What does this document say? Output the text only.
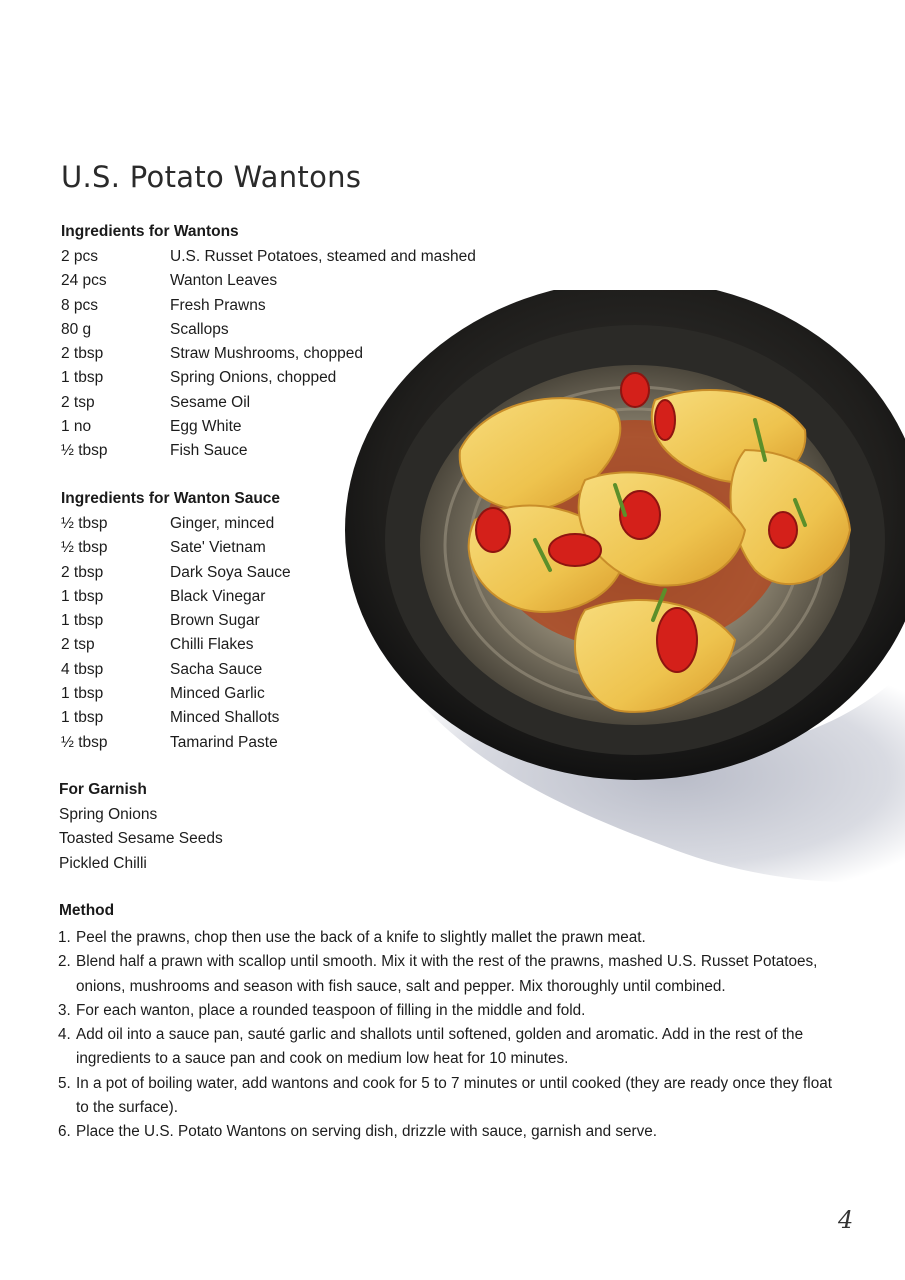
U.S. Potato Wantons
Ingredients for Wantons
2 pcs	U.S. Russet Potatoes, steamed and mashed
24 pcs	Wanton Leaves
8 pcs	Fresh Prawns
80 g	Scallops
2 tbsp	Straw Mushrooms, chopped
1 tbsp	Spring Onions, chopped
2 tsp	Sesame Oil
1 no	Egg White
½ tbsp	Fish Sauce
Ingredients for Wanton Sauce
½ tbsp	Ginger, minced
½ tbsp	Sate' Vietnam
2 tbsp	Dark Soya Sauce
1 tbsp	Black Vinegar
1 tbsp	Brown Sugar
2 tsp	Chilli Flakes
4 tbsp	Sacha Sauce
1 tbsp	Minced Garlic
1 tbsp	Minced Shallots
½ tbsp	Tamarind Paste
For Garnish
Spring Onions
Toasted Sesame Seeds
Pickled Chilli
Method
1. Peel the prawns, chop then use the back of a knife to slightly mallet the prawn meat.
2. Blend half a prawn with scallop until smooth. Mix it with the rest of the prawns, mashed U.S. Russet Potatoes, onions, mushrooms and season with fish sauce, salt and pepper. Mix thoroughly until combined.
3. For each wanton, place a rounded teaspoon of filling in the middle and fold.
4. Add oil into a sauce pan, sauté garlic and shallots until softened, golden and aromatic. Add in the rest of the ingredients to a sauce pan and cook on medium low heat for 10 minutes.
5. In a pot of boiling water, add wantons and cook for 5 to 7 minutes or until cooked (they are ready once they float to the surface).
6. Place the U.S. Potato Wantons on serving dish, drizzle with sauce, garnish and serve.
4
